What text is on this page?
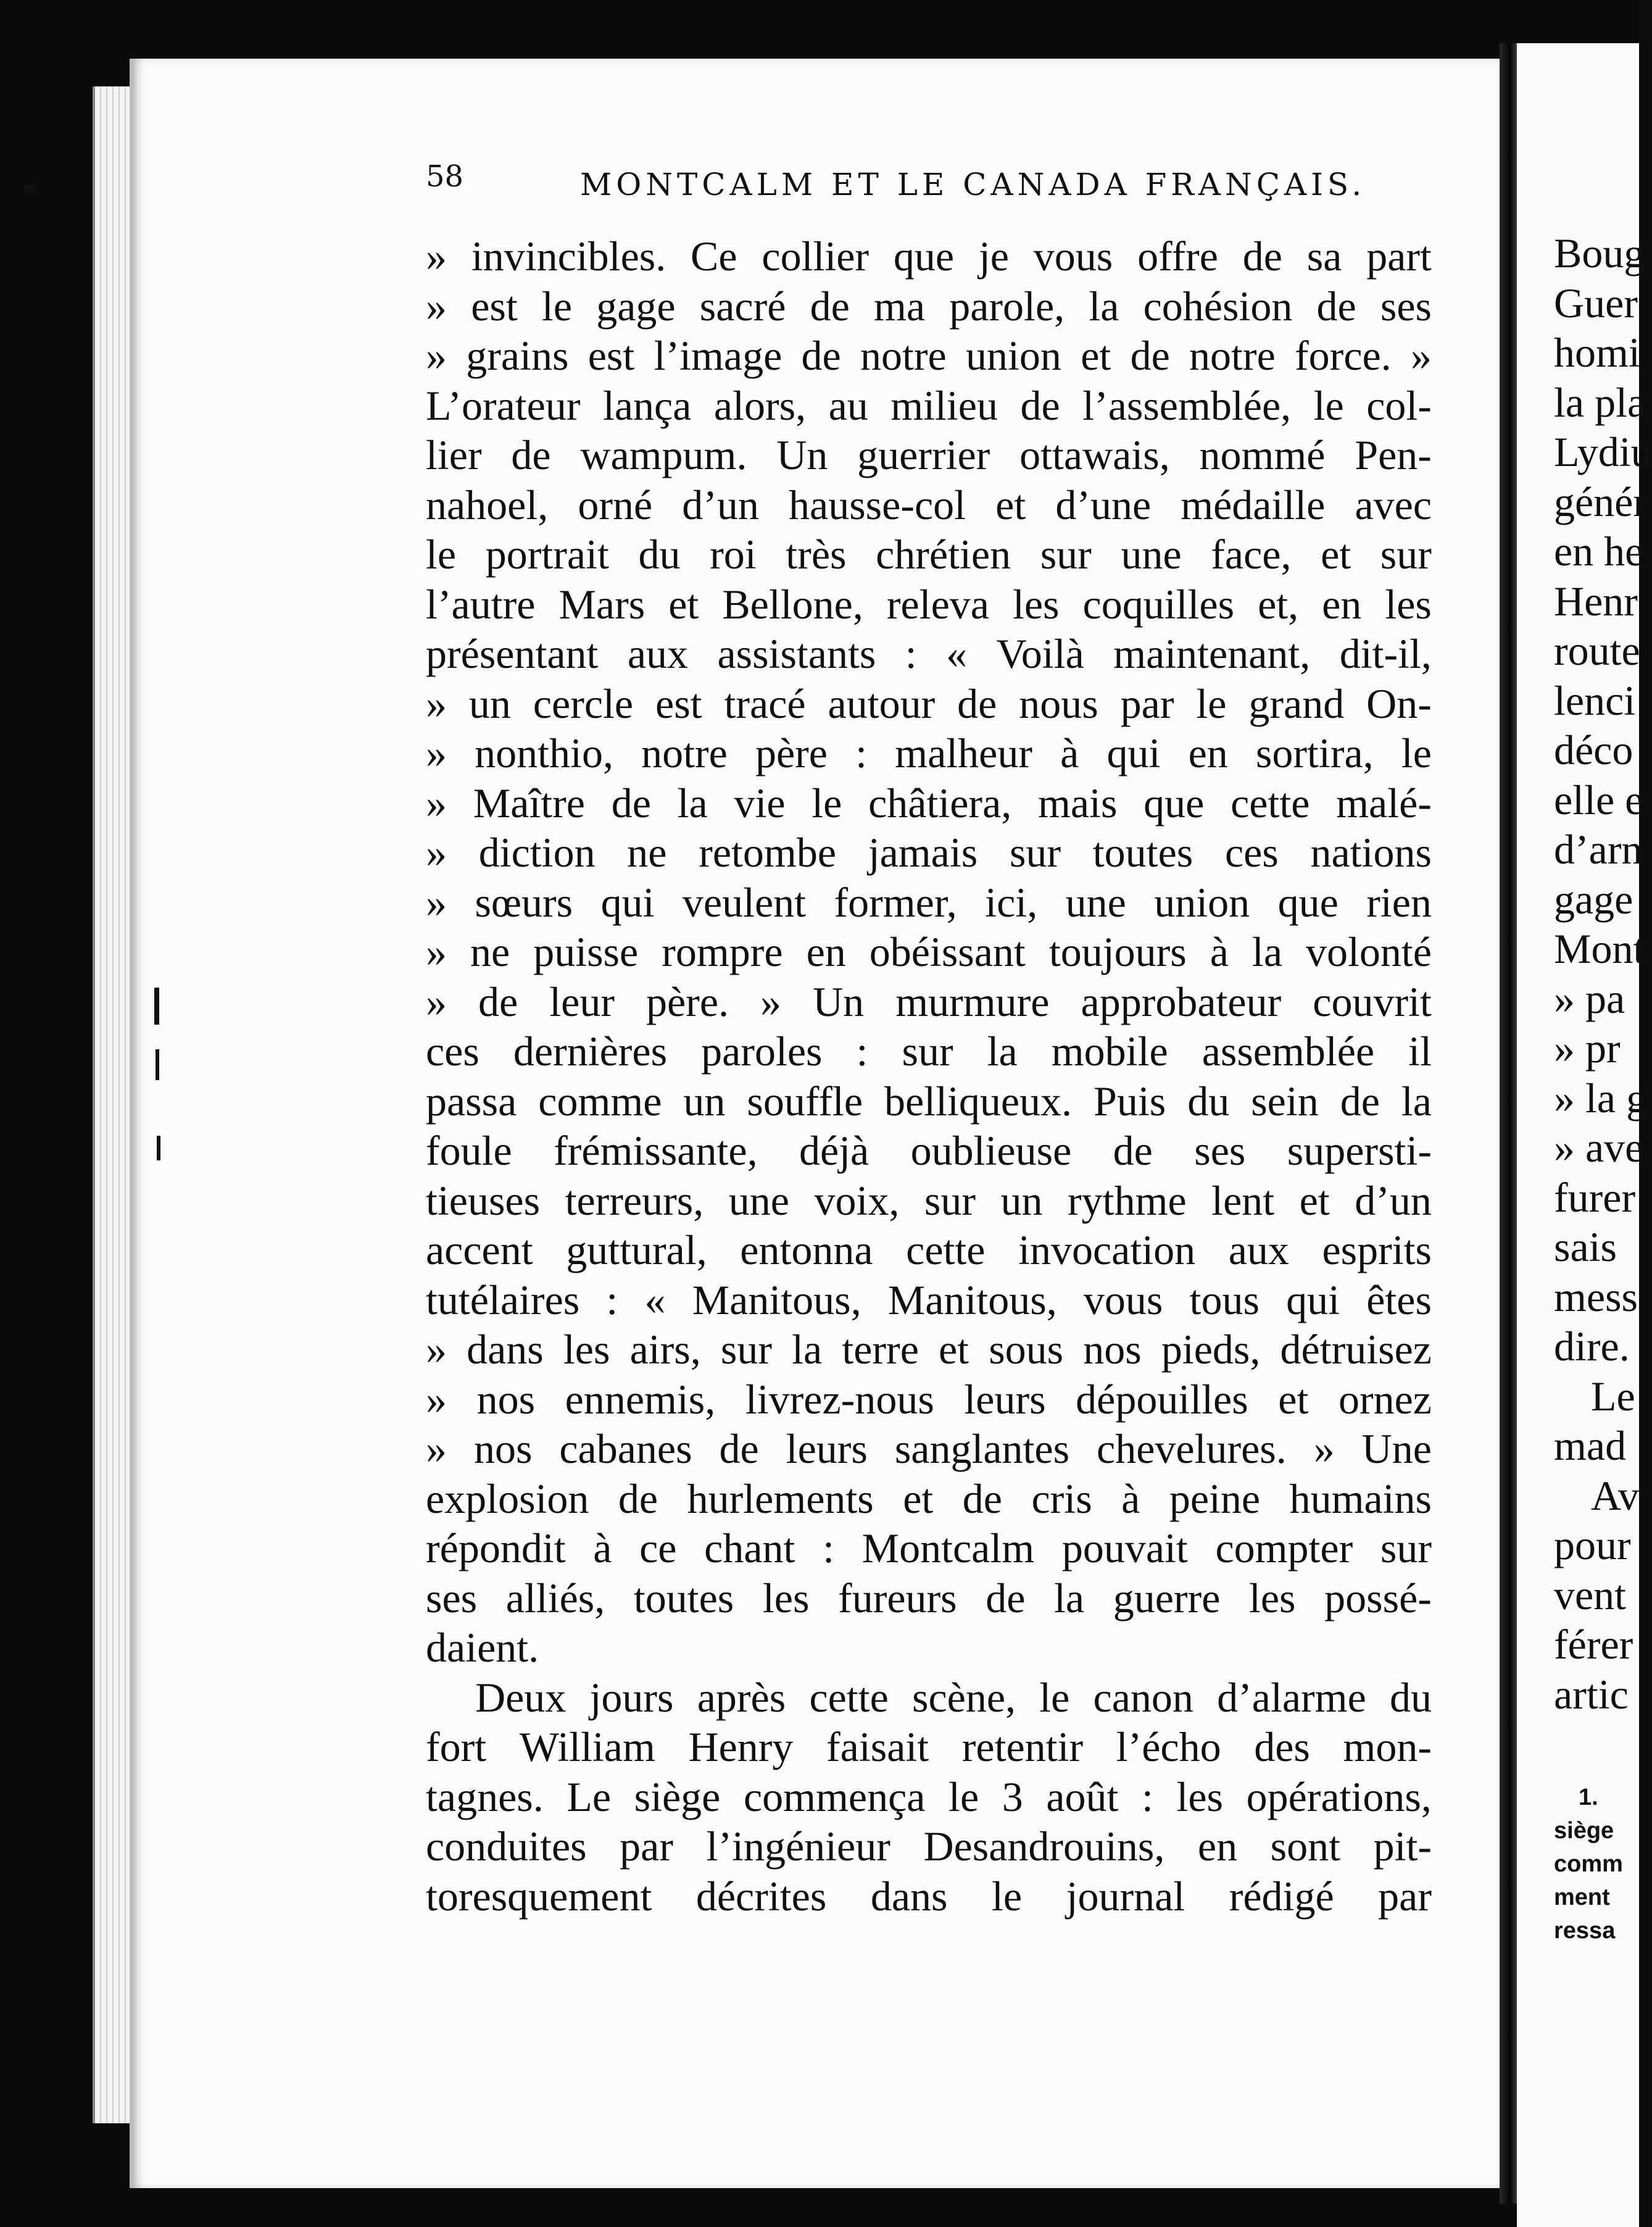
58	MONTCALM ET LE CANADA FRANÇAIS.
» invincibles. Ce collier que je vous offre de sa part
» est le gage sacré de ma parole, la cohésion de ses
» grains est l’image de notre union et de notre force. »
L’orateur lança alors, au milieu de l’assemblée, le col-
lier de wampum. Un guerrier ottawais, nommé Pen-
nahoel, orné d’un hausse-col et d’une médaille avec
le portrait du roi très chrétien sur une face, et sur
l’autre Mars et Bellone, releva les coquilles et, en les
présentant aux assistants : « Voilà maintenant, dit-il,
» un cercle est tracé autour de nous par le grand On-
» nonthio, notre père : malheur à qui en sortira, le
» Maître de la vie le châtiera, mais que cette malé-
» diction ne retombe jamais sur toutes ces nations
» sœurs qui veulent former, ici, une union que rien
» ne puisse rompre en obéissant toujours à la volonté
» de leur père. » Un murmure approbateur couvrit
ces dernières paroles : sur la mobile assemblée il
passa comme un souffle belliqueux. Puis du sein de la
foule frémissante, déjà oublieuse de ses supersti-
tieuses terreurs, une voix, sur un rythme lent et d’un
accent guttural, entonna cette invocation aux esprits
tutélaires : « Manitous, Manitous, vous tous qui êtes
» dans les airs, sur la terre et sous nos pieds, détruisez
» nos ennemis, livrez-nous leurs dépouilles et ornez
» nos cabanes de leurs sanglantes chevelures. » Une
explosion de hurlements et de cris à peine humains
répondit à ce chant : Montcalm pouvait compter sur
ses alliés, toutes les fureurs de la guerre les possé-
daient.
Deux jours après cette scène, le canon d’alarme du
fort William Henry faisait retentir l’écho des mon-
tagnes. Le siège commença le 3 août : les opérations,
conduites par l’ingénieur Desandrouins, en sont pit-
toresquement décrites dans le journal rédigé par
Boug
Guer
homi
la pla
Lydiu
génér
en he
Henr
route
lenci
déco
elle e
d’arn
gage
Mont
» pa
» pr
» la g
» ave
furer
sais
mess
dire.
Le
mad
Av
pour
vent
férer
artic
1.
siège
comm
ment
ressa
